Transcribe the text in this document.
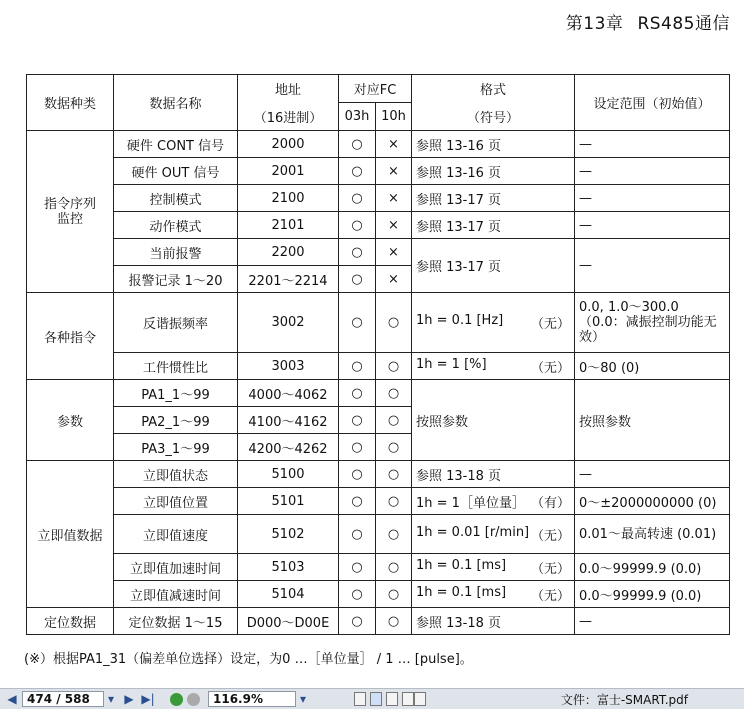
第13章 RS485通信
数据种类	数据名称	地址	对应FC		格式	设定范围（初始值）
		（16进制）	03h	10h	（符号）	
指令序列监控	硬件 CONT 信号	2000	○	×	参照 13-16 页	—
	硬件 OUT 信号	2001	○	×	参照 13-16 页	—
	控制模式	2100	○	×	参照 13-17 页	—
	动作模式	2101	○	×	参照 13-17 页	—
	当前报警	2200	○	×	参照 13-17 页	—
	报警记录 1～20	2201～2214	○	×		
各种指令	反谐振频率	3002	○	○	1h = 0.1 [Hz] （无）	0.0, 1.0～300.0 （0.0：减振控制功能无效）
	工件惯性比	3003	○	○	1h = 1 [%] （无）	0～80 (0)
参数	PA1_1～99	4000～4062	○	○	按照参数	按照参数
	PA2_1～99	4100～4162	○	○		
	PA3_1～99	4200～4262	○	○		
立即值数据	立即值状态	5100	○	○	参照 13-18 页	—
	立即值位置	5101	○	○	1h = 1［单位量］ （有）	0～±2000000000 (0)
	立即值速度	5102	○	○	1h = 0.01 [r/min] （无）	0.01～最高转速 (0.01)
	立即值加速时间	5103	○	○	1h = 0.1 [ms] （无）	0.0～99999.9 (0.0)
	立即值减速时间	5104	○	○	1h = 0.1 [ms] （无）	0.0～99999.9 (0.0)
定位数据	定位数据 1～15	D000～D00E	○	○	参照 13-18 页	—
(※）根据PA1_31（偏差单位选择）设定，为0 …［单位量］ / 1 … [pulse]。
◀ 474 / 588	▾ ▶ ▶|	116.9%	▾	文件：富士-SMART.pdf
